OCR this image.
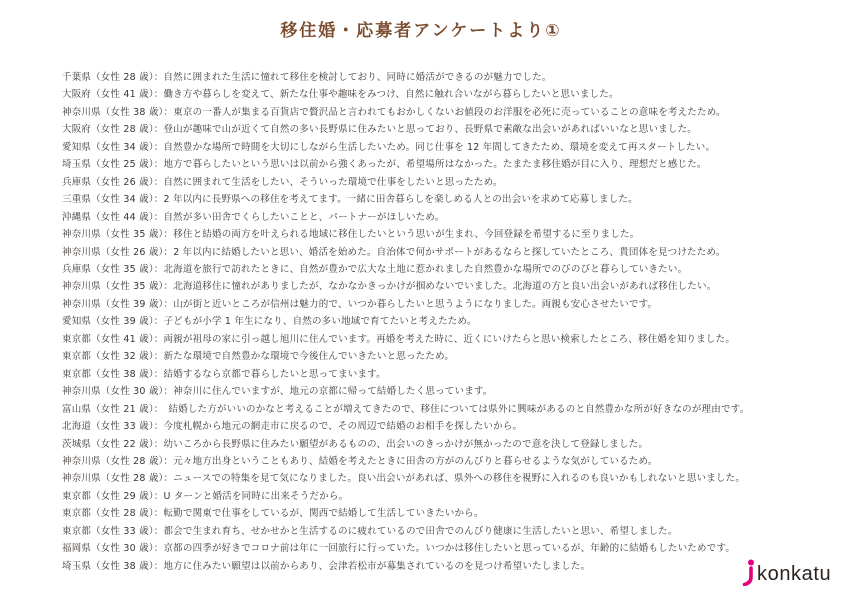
移住婚・応募者アンケートより①
千葉県（女性 28 歳）：自然に囲まれた生活に憧れて移住を検討しており、同時に婚活ができるのが魅力でした。
大阪府（女性 41 歳）：働き方や暮らしを変えて、新たな仕事や趣味をみつけ、自然に触れ合いながら暮らしたいと思いました。
神奈川県（女性 38 歳）：東京の一番人が集まる百貨店で贅沢品と言われてもおかしくないお値段のお洋服を必死に売っていることの意味を考えたため。
大阪府（女性 28 歳）：登山が趣味で山が近くて自然の多い長野県に住みたいと思っており、長野県で素敵な出会いがあればいいなと思いました。
愛知県（女性 34 歳）：自然豊かな場所で時間を大切にしながら生活したいため。同じ仕事を 12 年間してきたため、環境を変えて再スタートしたい。
埼玉県（女性 25 歳）：地方で暮らしたいという思いは以前から強くあったが、希望場所はなかった。たまたま移住婚が目に入り、理想だと感じた。
兵庫県（女性 26 歳）：自然に囲まれて生活をしたい、そういった環境で仕事をしたいと思ったため。
三重県（女性 34 歳）：2 年以内に長野県への移住を考えてます。一緒に田舎暮らしを楽しめる人との出会いを求めて応募しました。
沖縄県（女性 44 歳）：自然が多い田舎でくらしたいことと、パートナーがほしいため。
神奈川県（女性 35 歳）：移住と結婚の両方を叶えられる地域に移住したいという思いが生まれ、今回登録を希望するに至りました。
神奈川県（女性 26 歳）：2 年以内に結婚したいと思い、婚活を始めた。自治体で何かサポートがあるならと探していたところ、貴団体を見つけたため。
兵庫県（女性 35 歳）：北海道を旅行で訪れたときに、自然が豊かで広大な土地に惹かれました自然豊かな場所でのびのびと暮らしていきたい。
神奈川県（女性 35 歳）：北海道移住に憧れがありましたが、なかなかきっかけが掴めないでいました。北海道の方と良い出会いがあれば移住したい。
神奈川県（女性 39 歳）：山が街と近いところが信州は魅力的で、いつか暮らしたいと思うようになりました。両親も安心させたいです。
愛知県（女性 39 歳）：子どもが小学 1 年生になり、自然の多い地域で育てたいと考えたため。
東京都（女性 41 歳）：両親が祖母の家に引っ越し旭川に住んでいます。再婚を考えた時に、近くにいけたらと思い検索したところ、移住婚を知りました。
東京都（女性 32 歳）：新たな環境で自然豊かな環境で今後住んでいきたいと思ったため。
東京都（女性 38 歳）：結婚するなら京都で暮らしたいと思ってまいます。
神奈川県（女性 30 歳）：神奈川に住んでいますが、地元の京都に帰って結婚したく思っています。
富山県（女性 21 歳）：　結婚した方がいいのかなと考えることが増えてきたので、移住については県外に興味があるのと自然豊かな所が好きなのが理由です。
北海道（女性 33 歳）：今度札幌から地元の網走市に戻るので、その周辺で結婚のお相手を探したいから。
茨城県（女性 22 歳）：幼いころから長野県に住みたい願望があるものの、出会いのきっかけが無かったので意を決して登録しました。
神奈川県（女性 28 歳）：元々地方出身ということもあり、結婚を考えたときに田舎の方がのんびりと暮らせるような気がしているため。
神奈川県（女性 28 歳）：ニュースでの特集を見て気になりました。良い出会いがあれば、県外への移住を視野に入れるのも良いかもしれないと思いました。
東京都（女性 29 歳）：U ターンと婚活を同時に出来そうだから。
東京都（女性 28 歳）：転勤で関東で仕事をしているが、関西で結婚して生活していきたいから。
東京都（女性 33 歳）：都会で生まれ育ち、せかせかと生活するのに疲れているので田舎でのんびり健康に生活したいと思い、希望しました。
福岡県（女性 30 歳）：京都の四季が好きでコロナ前は年に一回旅行に行っていた。いつかは移住したいと思っているが、年齢的に結婚もしたいためです。
埼玉県（女性 38 歳）：地方に住みたい願望は以前からあり、会津若松市が募集されているのを見つけ希望いたしました。	konkatu
